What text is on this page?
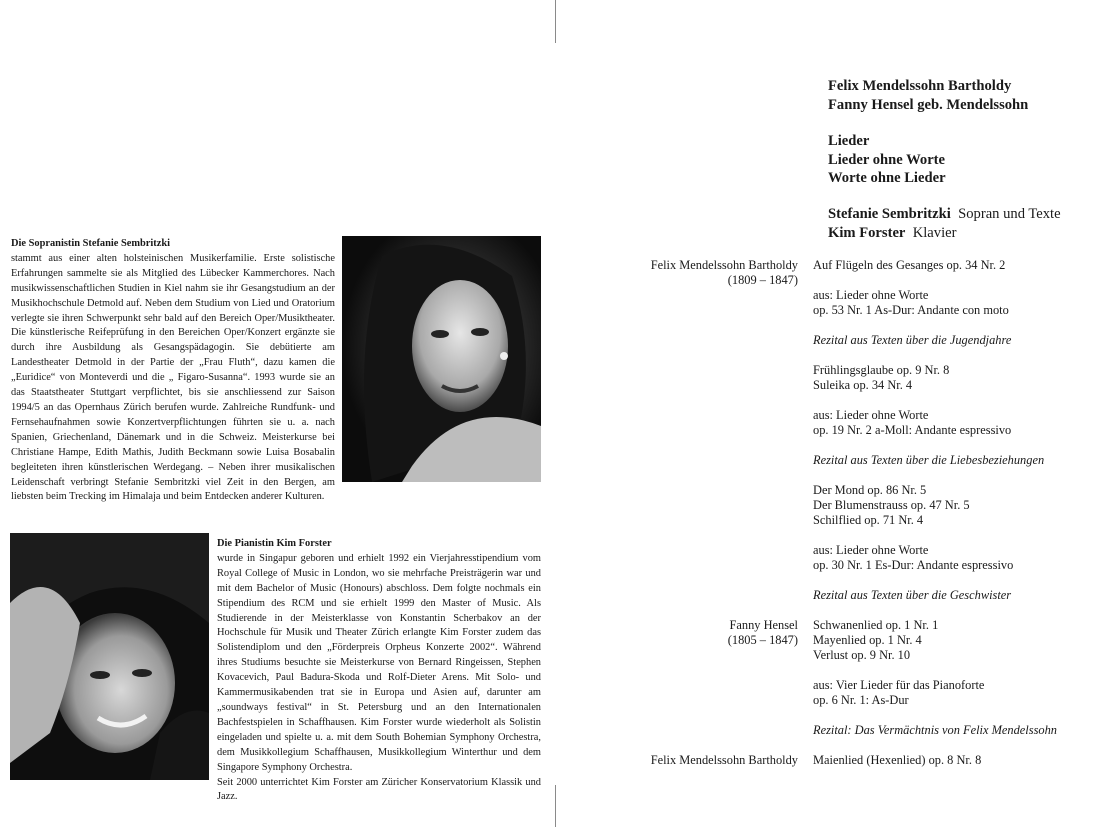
Die Sopranistin Stefanie Sembritzki

stammt aus einer alten holsteinischen Musikerfamilie. Erste solistische Erfahrungen sammelte sie als Mitglied des Lübecker Kammerchores. Nach musikwissenschaftlichen Studien in Kiel nahm sie ihr Gesangstudium an der Musikhochschule Detmold auf. Neben dem Studium von Lied und Oratorium verlegte sie ihren Schwerpunkt sehr bald auf den Bereich Oper/Musiktheater. Die künstlerische Reifeprüfung in den Bereichen Oper/Konzert ergänzte sie durch ihre Ausbildung als Gesangspädagogin. Sie debütierte am Landestheater Detmold in der Partie der „Frau Fluth“, dazu kamen die „Euridice“ von Monteverdi und die „ Figaro-Susanna“. 1993 wurde sie an das Staatstheater Stuttgart verpflichtet, bis sie anschliessend zur Saison 1994/5 an das Opernhaus Zürich berufen wurde. Zahlreiche Rundfunk- und Fernsehaufnahmen sowie Konzertverpflichtungen führten sie u. a. nach Spanien, Griechenland, Dänemark und in die Schweiz. Meisterkurse bei Christiane Hampe, Edith Mathis, Judith Beckmann sowie Luisa Bosabalin begleiteten ihren künstlerischen Werdegang. – Neben ihrer musikalischen Leidenschaft verbringt Stefanie Sembritzki viel Zeit in den Bergen, am liebsten beim Trecking im Himalaja und beim Entdecken anderer Kulturen.

Die Pianistin Kim Forster

wurde in Singapur geboren und erhielt 1992 ein Vierjahresstipendium vom Royal College of Music in London, wo sie mehrfache Preisträgerin war und mit dem Bachelor of Music (Honours) abschloss. Dem folgte nochmals ein Stipendium des RCM und sie erhielt 1999 den Master of Music. Als Studierende in der Meisterklasse von Konstantin Scherbakov an der Hochschule für Musik und Theater Zürich erlangte Kim Forster zudem das Solistendiplom und den „Förderpreis Orpheus Konzerte 2002“. Während ihres Studiums besuchte sie Meisterkurse von Bernard Ringeissen, Stephen Kovacevich, Paul Badura-Skoda und Rolf-Dieter Arens. Mit Solo- und Kammermusikabenden trat sie in Europa und Asien auf, darunter am „soundways festival“ in St. Petersburg und an den Internationalen Bachfestspielen in Schaffhausen. Kim Forster wurde wiederholt als Solistin eingeladen und spielte u. a. mit dem South Bohemian Symphony Orchestra, dem Musikkollegium Schaffhausen, Musikkollegium Winterthur und dem Singapore Symphony Orchestra.

Seit 2000 unterrichtet Kim Forster am Züricher Konservatorium Klassik und Jazz.

Felix Mendelssohn Bartholdy
Fanny Hensel geb. Mendelssohn
Lieder
Lieder ohne Worte
Worte ohne Lieder
Stefanie Sembritzki Sopran und Texte
Kim Forster Klavier
Felix Mendelssohn Bartholdy
(1809 – 1847)
Auf Flügeln des Gesanges op. 34 Nr. 2
aus: Lieder ohne Worte
op. 53 Nr. 1 As-Dur: Andante con moto
Rezital aus Texten über die Jugendjahre
Frühlingsglaube op. 9 Nr. 8
Suleika op. 34 Nr. 4
aus: Lieder ohne Worte
op. 19 Nr. 2 a-Moll: Andante espressivo
Rezital aus Texten über die Liebesbeziehungen
Der Mond op. 86 Nr. 5
Der Blumenstrauss op. 47 Nr. 5
Schilflied op. 71 Nr. 4
aus: Lieder ohne Worte
op. 30 Nr. 1 Es-Dur: Andante espressivo
Rezital aus Texten über die Geschwister
Fanny Hensel
(1805 – 1847)
Schwanenlied op. 1 Nr. 1
Mayenlied op. 1 Nr. 4
Verlust op. 9 Nr. 10
aus: Vier Lieder für das Pianoforte
op. 6 Nr. 1: As-Dur
Rezital: Das Vermächtnis von Felix Mendelssohn
Felix Mendelssohn Bartholdy Maienlied (Hexenlied) op. 8 Nr. 8
